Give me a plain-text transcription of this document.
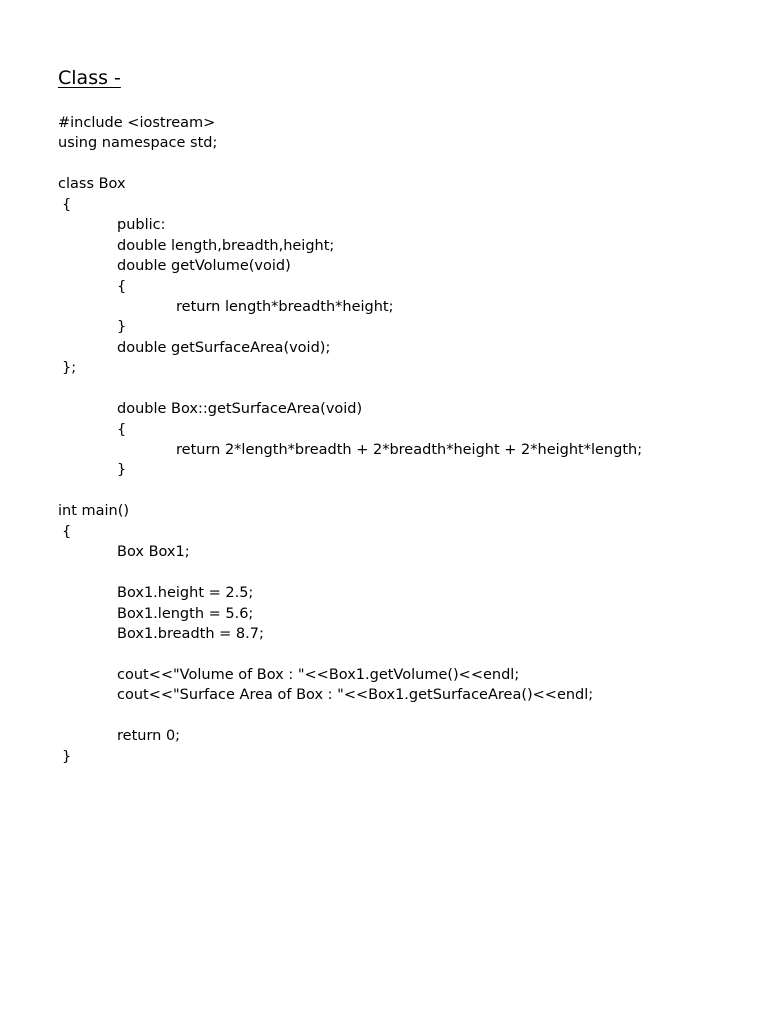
Class -
#include <iostream>
using namespace std;
class Box
{
public:
double length,breadth,height;
double getVolume(void)
{
return length*breadth*height;
}
double getSurfaceArea(void);
};
double Box::getSurfaceArea(void)
{
return 2*length*breadth + 2*breadth*height + 2*height*length;
}
int main()
{
Box Box1;
Box1.height = 2.5;
Box1.length = 5.6;
Box1.breadth = 8.7;
cout<<"Volume of Box : "<<Box1.getVolume()<<endl;
cout<<"Surface Area of Box : "<<Box1.getSurfaceArea()<<endl;
return 0;
}
